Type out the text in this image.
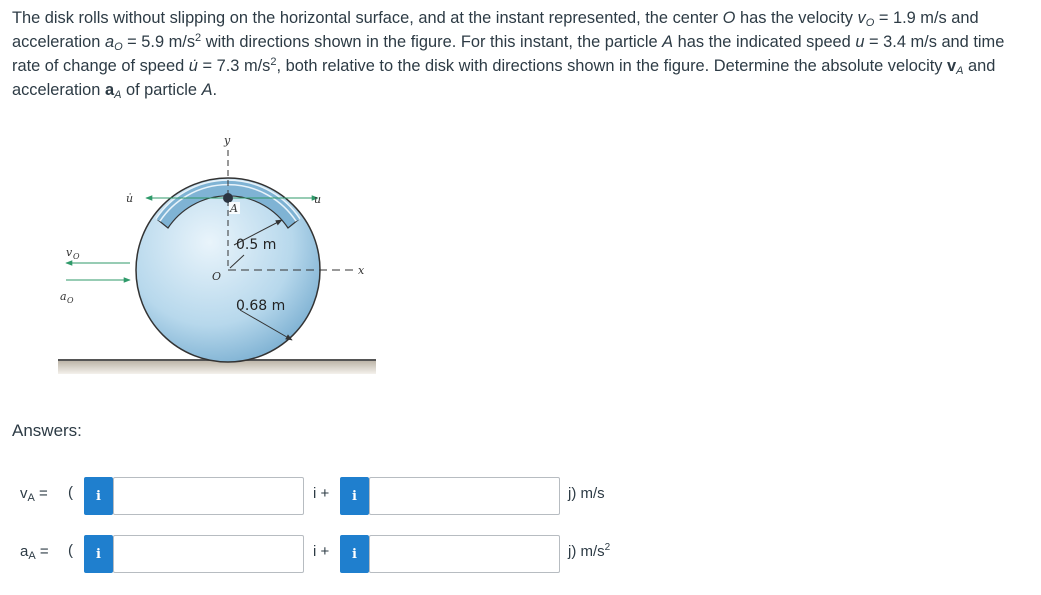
The disk rolls without slipping on the horizontal surface, and at the instant represented, the center O has the velocity $v_O = 1.9$ m/s and acceleration $a_O = 5.9$ $m/s^2$ with directions shown in the figure. For this instant, the particle A has the indicated speed u = 3.4 m/s and time rate of change of speed u̇ = 7.3 $m/s^2$, both relative to the disk with directions shown in the figure. Determine the absolute velocity $v_A$ and acceleration $a_A$ of particle A.
x
y
A
u
u̇
O
0.5 m
0.68 m
v O
a O
Answers:
$v_A$ = ( i	i + i	j) m/s
$a_A$ = ( i	i + i	j) $m/s^2$
